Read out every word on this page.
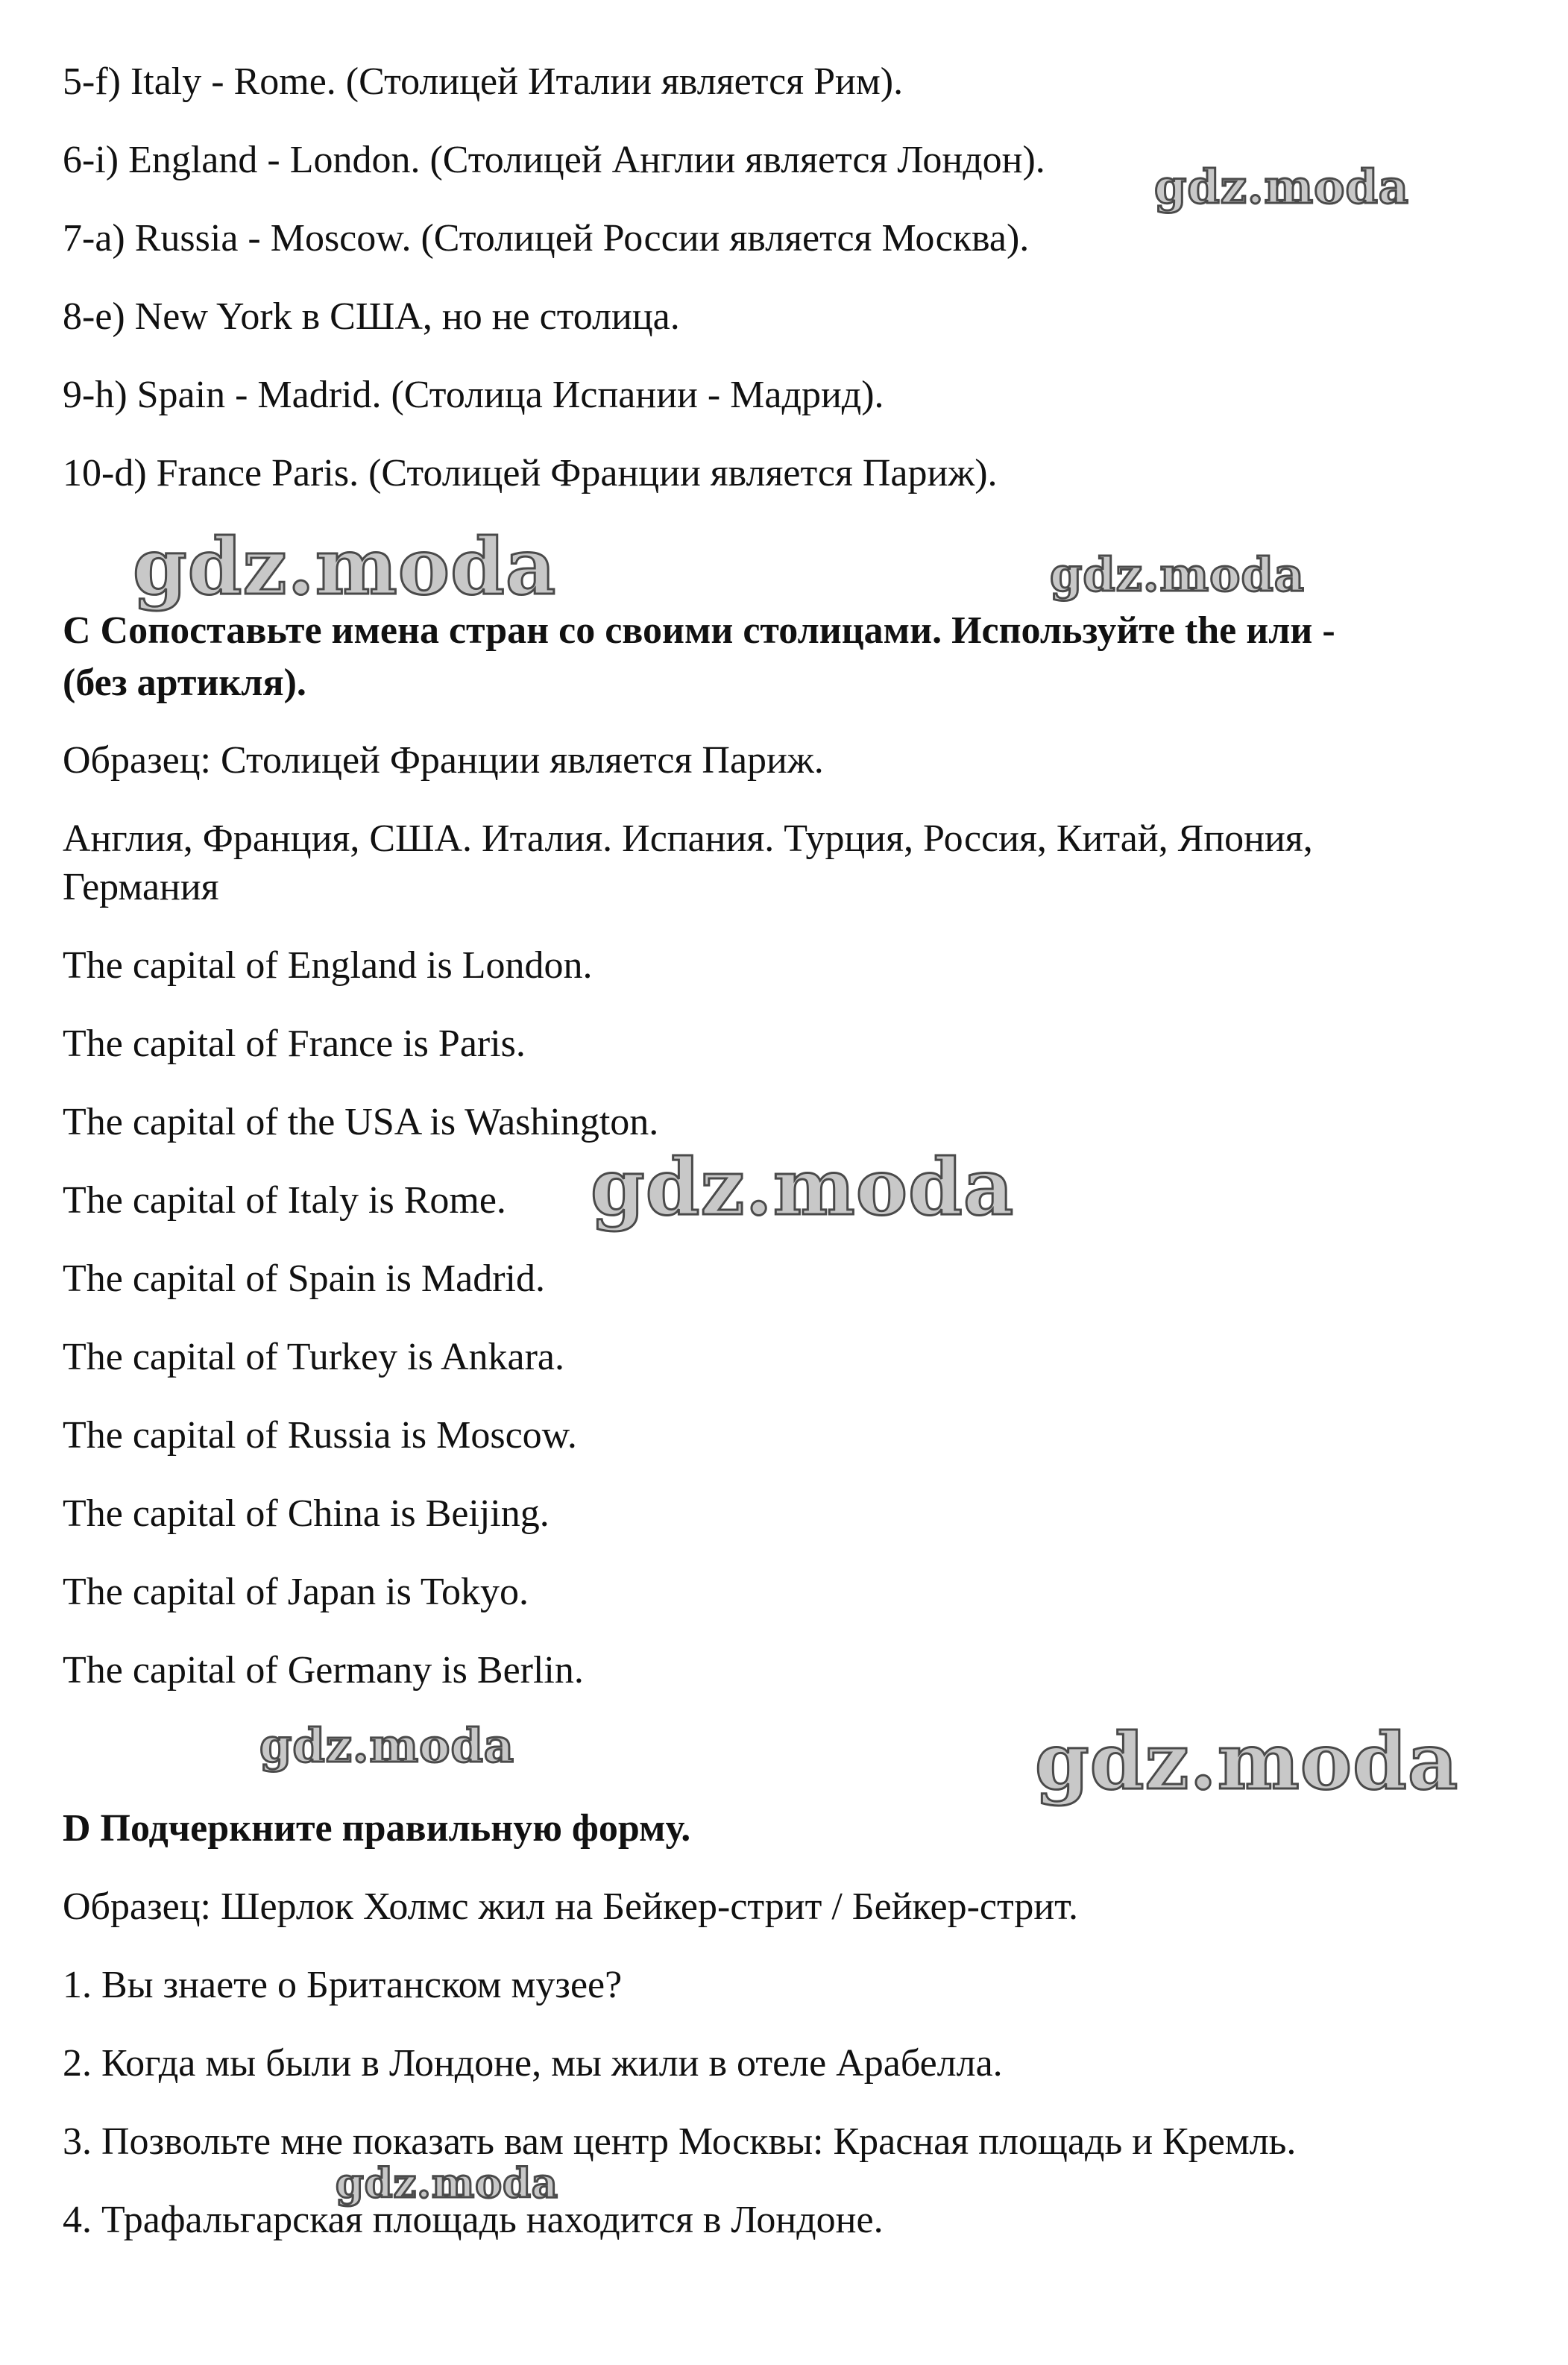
5-f) Italy - Rome. (Столицей Италии является Рим).

6-i) England - London. (Столицей Англии является Лондон).

7-a) Russia - Moscow. (Столицей России является Москва).

8-e) New York в США, но не столица.

9-h) Spain - Madrid. (Столица Испании - Мадрид).

10-d) France Paris. (Столицей Франции является Париж).

C Сопоставьте имена стран со своими столицами. Используйте the или -

(без артикля).

Образец: Столицей Франции является Париж.

Англия, Франция, США. Италия. Испания. Турция, Россия, Китай, Япония,

Германия

The capital of England is London.

The capital of France is Paris.

The capital of the USA is Washington.

The capital of Italy is Rome.

The capital of Spain is Madrid.

The capital of Turkey is Ankara.

The capital of Russia is Moscow.

The capital of China is Beijing.

The capital of Japan is Tokyo.

The capital of Germany is Berlin.

D Подчеркните правильную форму.

Образец: Шерлок Холмс жил на Бейкер-стрит / Бейкер-стрит.

1. Вы знаете о Британском музее?

2. Когда мы были в Лондоне, мы жили в отеле Арабелла.

3. Позвольте мне показать вам центр Москвы: Красная площадь и Кремль.

4. Трафальгарская площадь находится в Лондоне.

gdz.moda
gdz.moda	gdz.moda
gdz.moda
gdz.moda	gdz.moda
gdz.moda
